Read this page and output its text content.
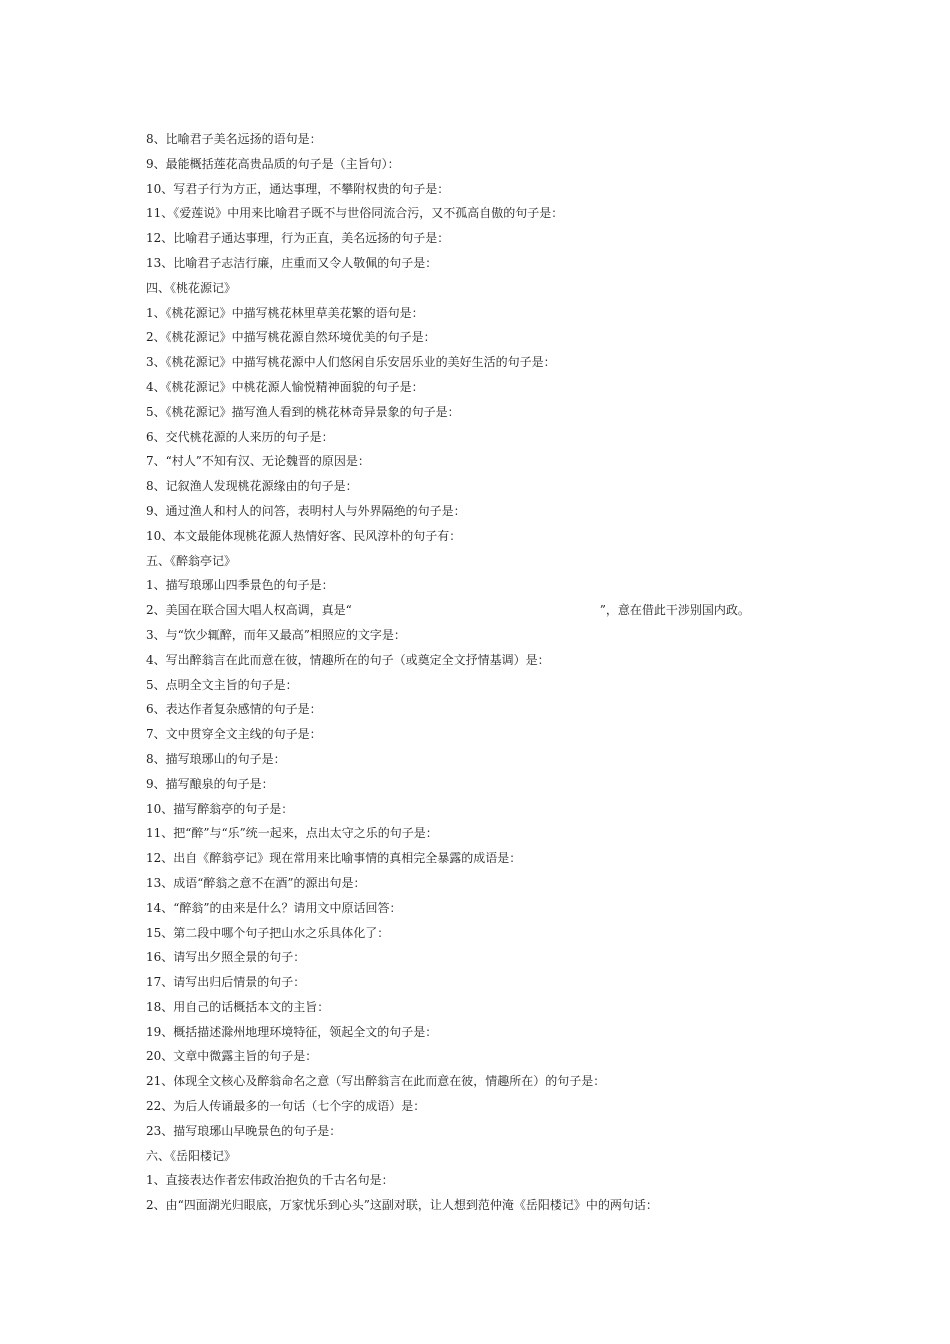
8、比喻君子美名远扬的语句是：
9、最能概括莲花高贵品质的句子是（主旨句）：
10、写君子行为方正，通达事理，不攀附权贵的句子是：
11、《爱莲说》中用来比喻君子既不与世俗同流合污，又不孤高自傲的句子是：
12、比喻君子通达事理，行为正直，美名远扬的句子是：
13、比喻君子志洁行廉，庄重而又令人敬佩的句子是：
四、《桃花源记》
1、《桃花源记》中描写桃花林里草美花繁的语句是：
2、《桃花源记》中描写桃花源自然环境优美的句子是：
3、《桃花源记》中描写桃花源中人们悠闲自乐安居乐业的美好生活的句子是：
4、《桃花源记》中桃花源人愉悦精神面貌的句子是：
5、《桃花源记》描写渔人看到的桃花林奇异景象的句子是：
6、交代桃花源的人来历的句子是：
7、“村人”不知有汉、无论魏晋的原因是：
8、记叙渔人发现桃花源缘由的句子是：
9、通过渔人和村人的问答，表明村人与外界隔绝的句子是：
10、本文最能体现桃花源人热情好客、民风淳朴的句子有：
五、《醉翁亭记》
1、描写琅琊山四季景色的句子是：
2、美国在联合国大唱人权高调，真是“	”，意在借此干涉别国内政。
3、与“饮少辄醉，而年又最高”相照应的文字是：
4、写出醉翁言在此而意在彼，情趣所在的句子（或奠定全文抒情基调）是：
5、点明全文主旨的句子是：
6、表达作者复杂感情的句子是：
7、文中贯穿全文主线的句子是：
8、描写琅琊山的句子是：
9、描写酿泉的句子是：
10、描写醉翁亭的句子是：
11、把“醉”与“乐”统一起来，点出太守之乐的句子是：
12、出自《醉翁亭记》现在常用来比喻事情的真相完全暴露的成语是：
13、成语“醉翁之意不在酒”的源出句是：
14、“醉翁”的由来是什么？请用文中原话回答：
15、第二段中哪个句子把山水之乐具体化了：
16、请写出夕照全景的句子：
17、请写出归后情景的句子：
18、用自己的话概括本文的主旨：
19、概括描述滁州地理环境特征，领起全文的句子是：
20、文章中微露主旨的句子是：
21、体现全文核心及醉翁命名之意（写出醉翁言在此而意在彼，情趣所在）的句子是：
22、为后人传诵最多的一句话（七个字的成语）是：
23、描写琅琊山早晚景色的句子是：
六、《岳阳楼记》
1、直接表达作者宏伟政治抱负的千古名句是：
2、由“四面湖光归眼底，万家忧乐到心头”这副对联，让人想到范仲淹《岳阳楼记》中的两句话：
